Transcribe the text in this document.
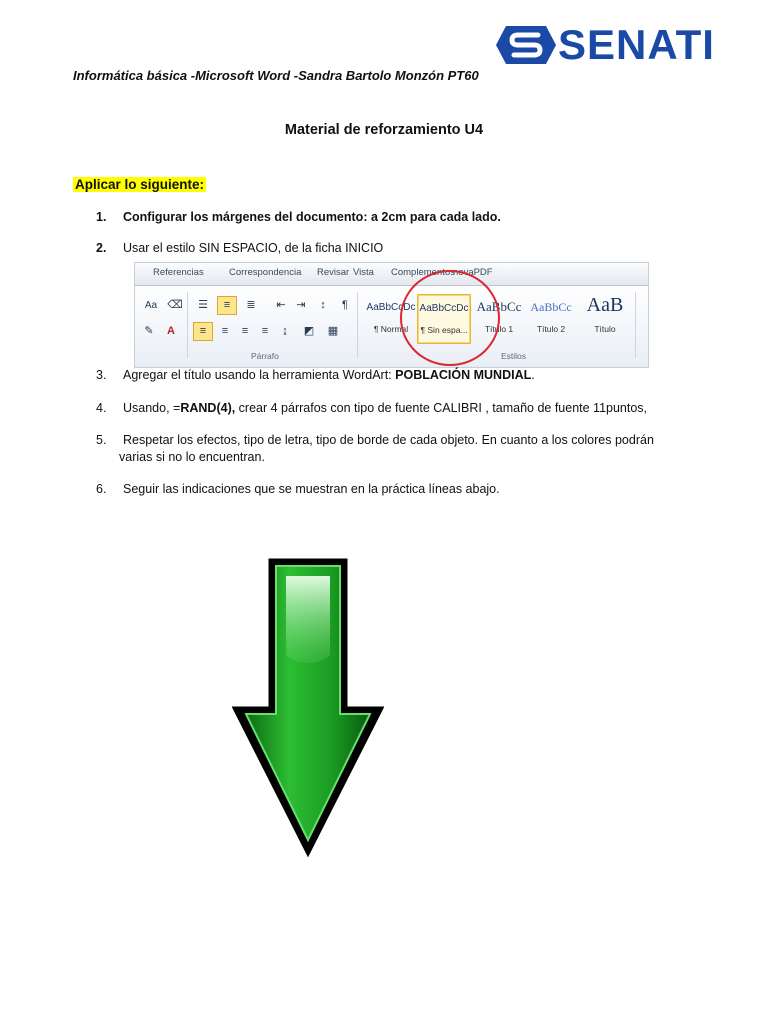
SENATI
Informática básica -Microsoft Word -Sandra Bartolo Monzón PT60
Material de reforzamiento U4
Aplicar lo siguiente:
1. Configurar los márgenes del documento: a 2cm para cada lado.
2. Usar el estilo SIN ESPACIO, de la ficha INICIO
Referencias	Correspondencia Revisar Vista Complementos
novaPDF
Aa ⌫
✎	A
☰	≡	≣	⇤ ⇥	↕	¶
≡	≡	≡	≡	↨	◩	▦
Párrafo
AaBbCcDc
¶ Normal
AaBbCcDc
¶ Sin espa...
AaBbCc
Título 1
AaBbCc
Título 2
AaB
Título
Estilos
3. Agregar el título usando la herramienta WordArt: POBLACIÓN MUNDIAL.
4. Usando, =RAND(4), crear 4 párrafos con tipo de fuente CALIBRI , tamaño de fuente 11puntos,
5. Respetar los efectos, tipo de letra, tipo de borde de cada objeto. En cuanto a los colores podrán
varias si no lo encuentran.
6. Seguir las indicaciones que se muestran en la práctica líneas abajo.
